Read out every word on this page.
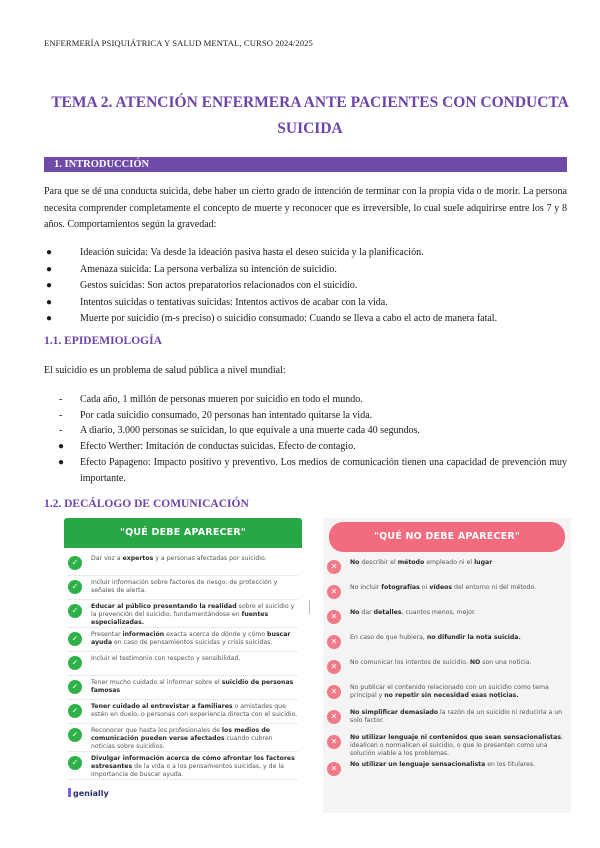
ENFERMERÍA PSIQUIÁTRICA Y SALUD MENTAL, CURSO 2024/2025
TEMA 2. ATENCIÓN ENFERMERA ANTE PACIENTES CON CONDUCTA
SUICIDA
1. INTRODUCCIÓN

Para que se dé una conducta suicida, debe haber un cierto grado de intención de terminar con la propia vida o de morir. La persona necesita comprender completamente el concepto de muerte y reconocer que es irreversible, lo cual suele adquirirse entre los 7 y 8 años. Comportamientos según la gravedad:

●	Ideación suicida: Va desde la ideación pasiva hasta el deseo suicida y la planificación.
●	Amenaza suicida: La persona verbaliza su intención de suicidio.
●	Gestos suicidas: Son actos preparatorios relacionados con el suicidio.
●	Intentos suicidas o tentativas suicidas: Intentos activos de acabar con la vida.
●	Muerte por suicidio (m-s preciso) o suicidio consumado: Cuando se lleva a cabo el acto de manera fatal.
1.1. EPIDEMIOLOGÍA

El suicidio es un problema de salud pública a nivel mundial:

- Cada año, 1 millón de personas mueren por suicidio en todo el mundo.
- Por cada suicidio consumado, 20 personas han intentado quitarse la vida.
- A diario, 3.000 personas se suicidan, lo que equivale a una muerte cada 40 segundos.
● Efecto Werther: Imitación de conductas suicidas. Efecto de contagio.
● Efecto Papageno: Impacto positivo y preventivo. Los medios de comunicación tienen una capacidad de prevención muy importante.
1.2. DECÁLOGO DE COMUNICACIÓN
"QUÉ DEBE APARECER"
✓	Dar voz a expertos y a personas afectadas por suicidio.
✓	Incluir información sobre factores de riesgo, de protección y señales de alerta.
✓	Educar al público presentando la realidad sobre el suicidio y la prevención del suicidio, fundamentándose en fuentes especializadas.
✓	Presentar información exacta acerca de dónde y cómo buscar ayuda en caso de pensamientos suicidas y crisis suicidas.
✓	Incluir el testimonio con respecto y sensibilidad.
✓	Tener mucho cuidado al informar sobre el suicidio de personas famosas
✓	Tener cuidado al entrevistar a familiares o amistades que estén en duelo, o personas con experiencia directa con el suicidio.
✓	Reconocer que hasta los profesionales de los medios de comunicación pueden verse afectados cuando cubren noticias sobre suicidios.
✓	Divulgar información acerca de cómo afrontar los factores estresantes de la vida o a los pensamientos suicidas, y de la importancia de buscar ayuda.
"QUÉ NO DEBE APARECER"
✕	No describir el método empleado ni el lugar
✕	No incluir fotografías ni vídeos del entorno ni del método.
✕	No dar detalles, cuantos menos, mejor.
✕	En caso de que hubiera, no difundir la nota suicida.
✕	No comunicar los intentos de suicidio, NO son una noticia.
✕	No publicar el contenido relacionado con un suicidio como tema principal y no repetir sin necesidad esas noticias.
✕	No simplificar demasiado la razón de un suicidio ni reducirla a un solo factor.
✕	No utilizar lenguaje ni contenidos que sean sensacionalistas, idealicen o normalicen el suicidio, o que lo presenten como una solución viable a los problemas.
✕	No utilizar un lenguaje sensacionalista en los titulares.
genially
